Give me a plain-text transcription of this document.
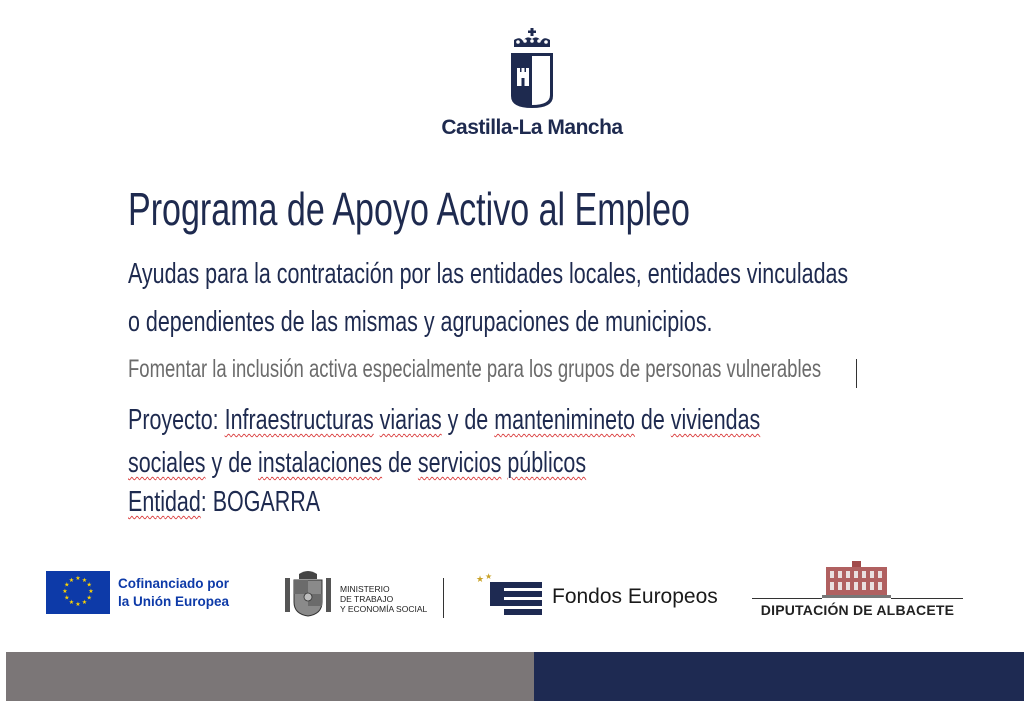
Castilla-La Mancha
Programa de Apoyo Activo al Empleo
Ayudas para la contratación por las entidades locales, entidades vinculadas
o dependientes de las mismas y agrupaciones de municipios.
Fomentar la inclusión activa especialmente para los grupos de personas vulnerables
Proyecto: Infraestructuras viarias y de mantenimineto de viviendas
sociales y de instalaciones de servicios públicos
Entidad: BOGARRA
★ ★
★
★
★
★
★
★
★
★
★
★	Cofinanciado por
la Unión Europea
MINISTERIO
DE TRABAJO
Y ECONOMÍA SOCIAL
★ ★
Fondos Europeos
DIPUTACIÓN DE ALBACETE
